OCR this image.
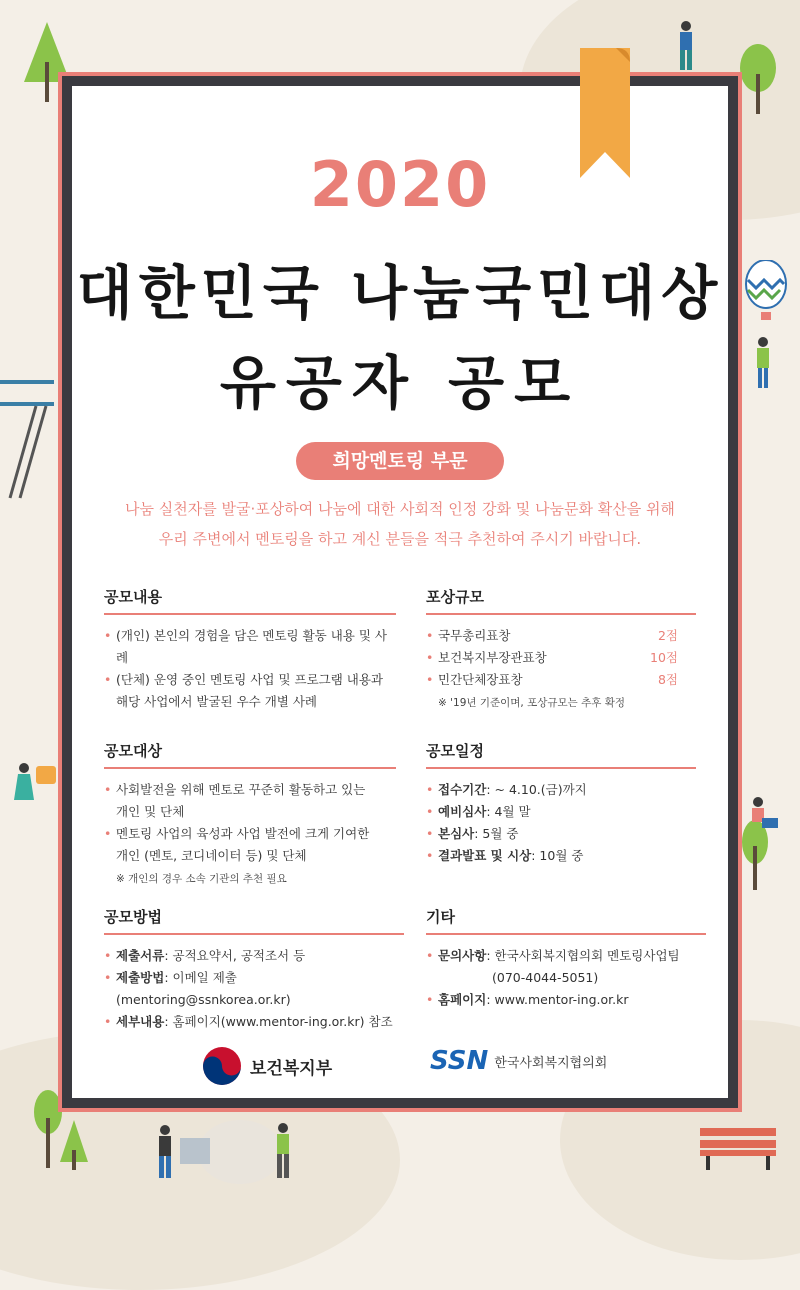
2020
대한민국 나눔국민대상
유공자 공모
희망멘토링 부문
나눔 실천자를 발굴·포상하여 나눔에 대한 사회적 인정 강화 및 나눔문화 확산을 위해
우리 주변에서 멘토링을 하고 계신 분들을 적극 추천하여 주시기 바랍니다.
공모내용
• (개인) 본인의 경험을 담은 멘토링 활동 내용 및 사례
• (단체) 운영 중인 멘토링 사업 및 프로그램 내용과
해당 사업에서 발굴된 우수 개별 사례
포상규모
• 국무총리표창	2점
• 보건복지부장관표창	10점
• 민간단체장표창	8점
※ '19년 기준이며, 포상규모는 추후 확정
공모대상
• 사회발전을 위해 멘토로 꾸준히 활동하고 있는
개인 및 단체
• 멘토링 사업의 육성과 사업 발전에 크게 기여한
개인 (멘토, 코디네이터 등) 및 단체
※ 개인의 경우 소속 기관의 추천 필요
공모일정
• 접수기간: ~ 4.10.(금)까지
• 예비심사: 4월 말
• 본심사: 5월 중
• 결과발표 및 시상: 10월 중
공모방법
• 제출서류: 공적요약서, 공적조서 등
• 제출방법: 이메일 제출(mentoring@ssnkorea.or.kr)
• 세부내용: 홈페이지(www.mentor-ing.or.kr) 참조
기타
• 문의사항: 한국사회복지협의회 멘토링사업팀
(070-4044-5051)
• 홈페이지: www.mentor-ing.or.kr
보건복지부	SSN 한국사회복지협의회
